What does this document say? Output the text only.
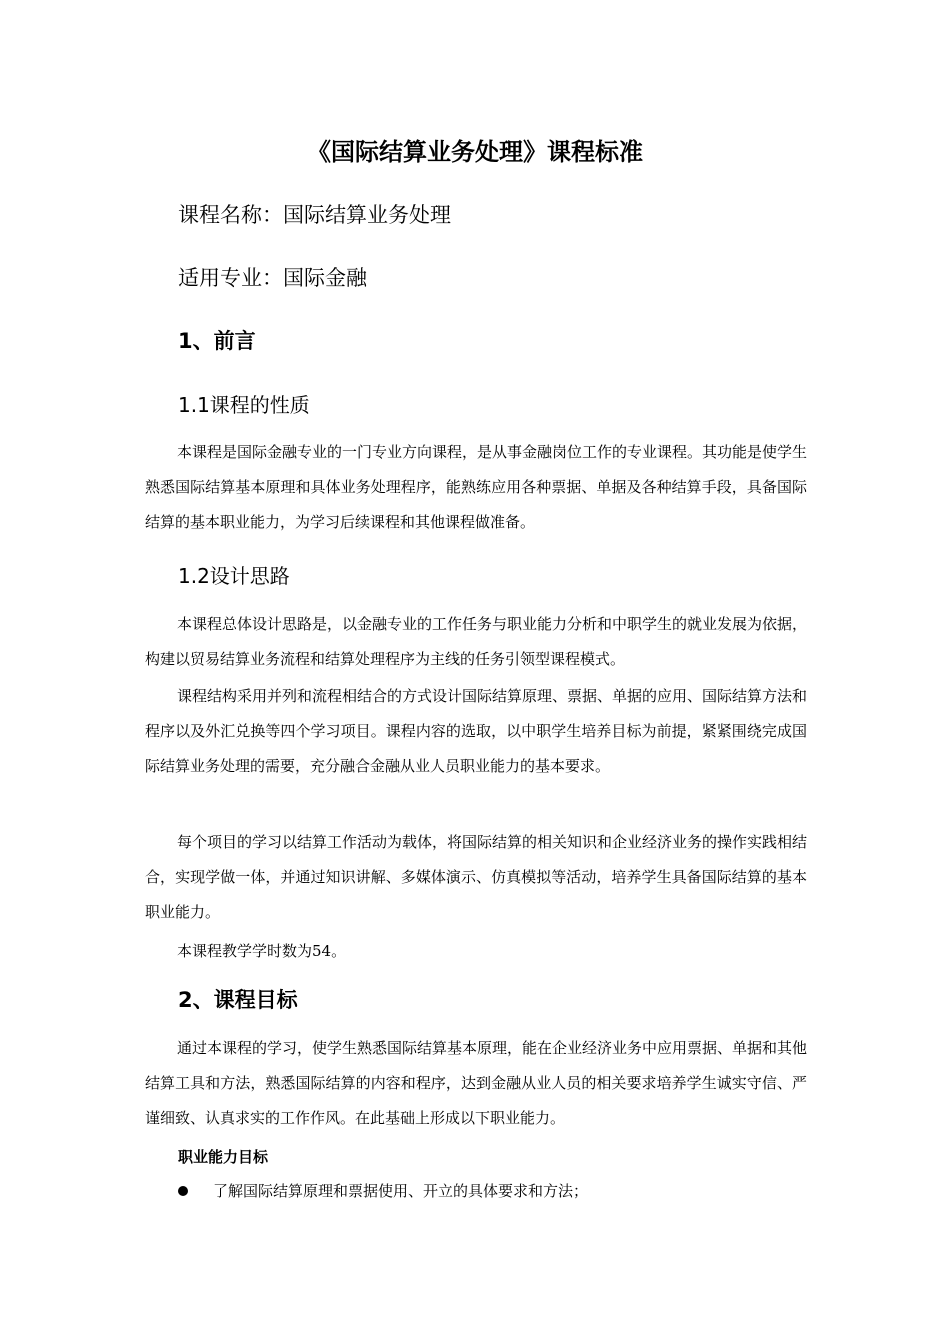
《国际结算业务处理》课程标准
课程名称：国际结算业务处理
适用专业：国际金融
1、前言
1.1课程的性质

本课程是国际金融专业的一门专业方向课程，是从事金融岗位工作的专业课程。其功能是使学生熟悉国际结算基本原理和具体业务处理程序，能熟练应用各种票据、单据及各种结算手段，具备国际结算的基本职业能力，为学习后续课程和其他课程做准备。

1.2设计思路

本课程总体设计思路是，以金融专业的工作任务与职业能力分析和中职学生的就业发展为依据，构建以贸易结算业务流程和结算处理程序为主线的任务引领型课程模式。

课程结构采用并列和流程相结合的方式设计国际结算原理、票据、单据的应用、国际结算方法和程序以及外汇兑换等四个学习项目。课程内容的选取，以中职学生培养目标为前提，紧紧围绕完成国际结算业务处理的需要，充分融合金融从业人员职业能力的基本要求。

每个项目的学习以结算工作活动为载体，将国际结算的相关知识和企业经济业务的操作实践相结合，实现学做一体，并通过知识讲解、多媒体演示、仿真模拟等活动，培养学生具备国际结算的基本职业能力。

本课程教学学时数为54。

2、课程目标

通过本课程的学习，使学生熟悉国际结算基本原理，能在企业经济业务中应用票据、单据和其他结算工具和方法，熟悉国际结算的内容和程序，达到金融从业人员的相关要求培养学生诚实守信、严谨细致、认真求实的工作作风。在此基础上形成以下职业能力。

职业能力目标
了解国际结算原理和票据使用、开立的具体要求和方法；
